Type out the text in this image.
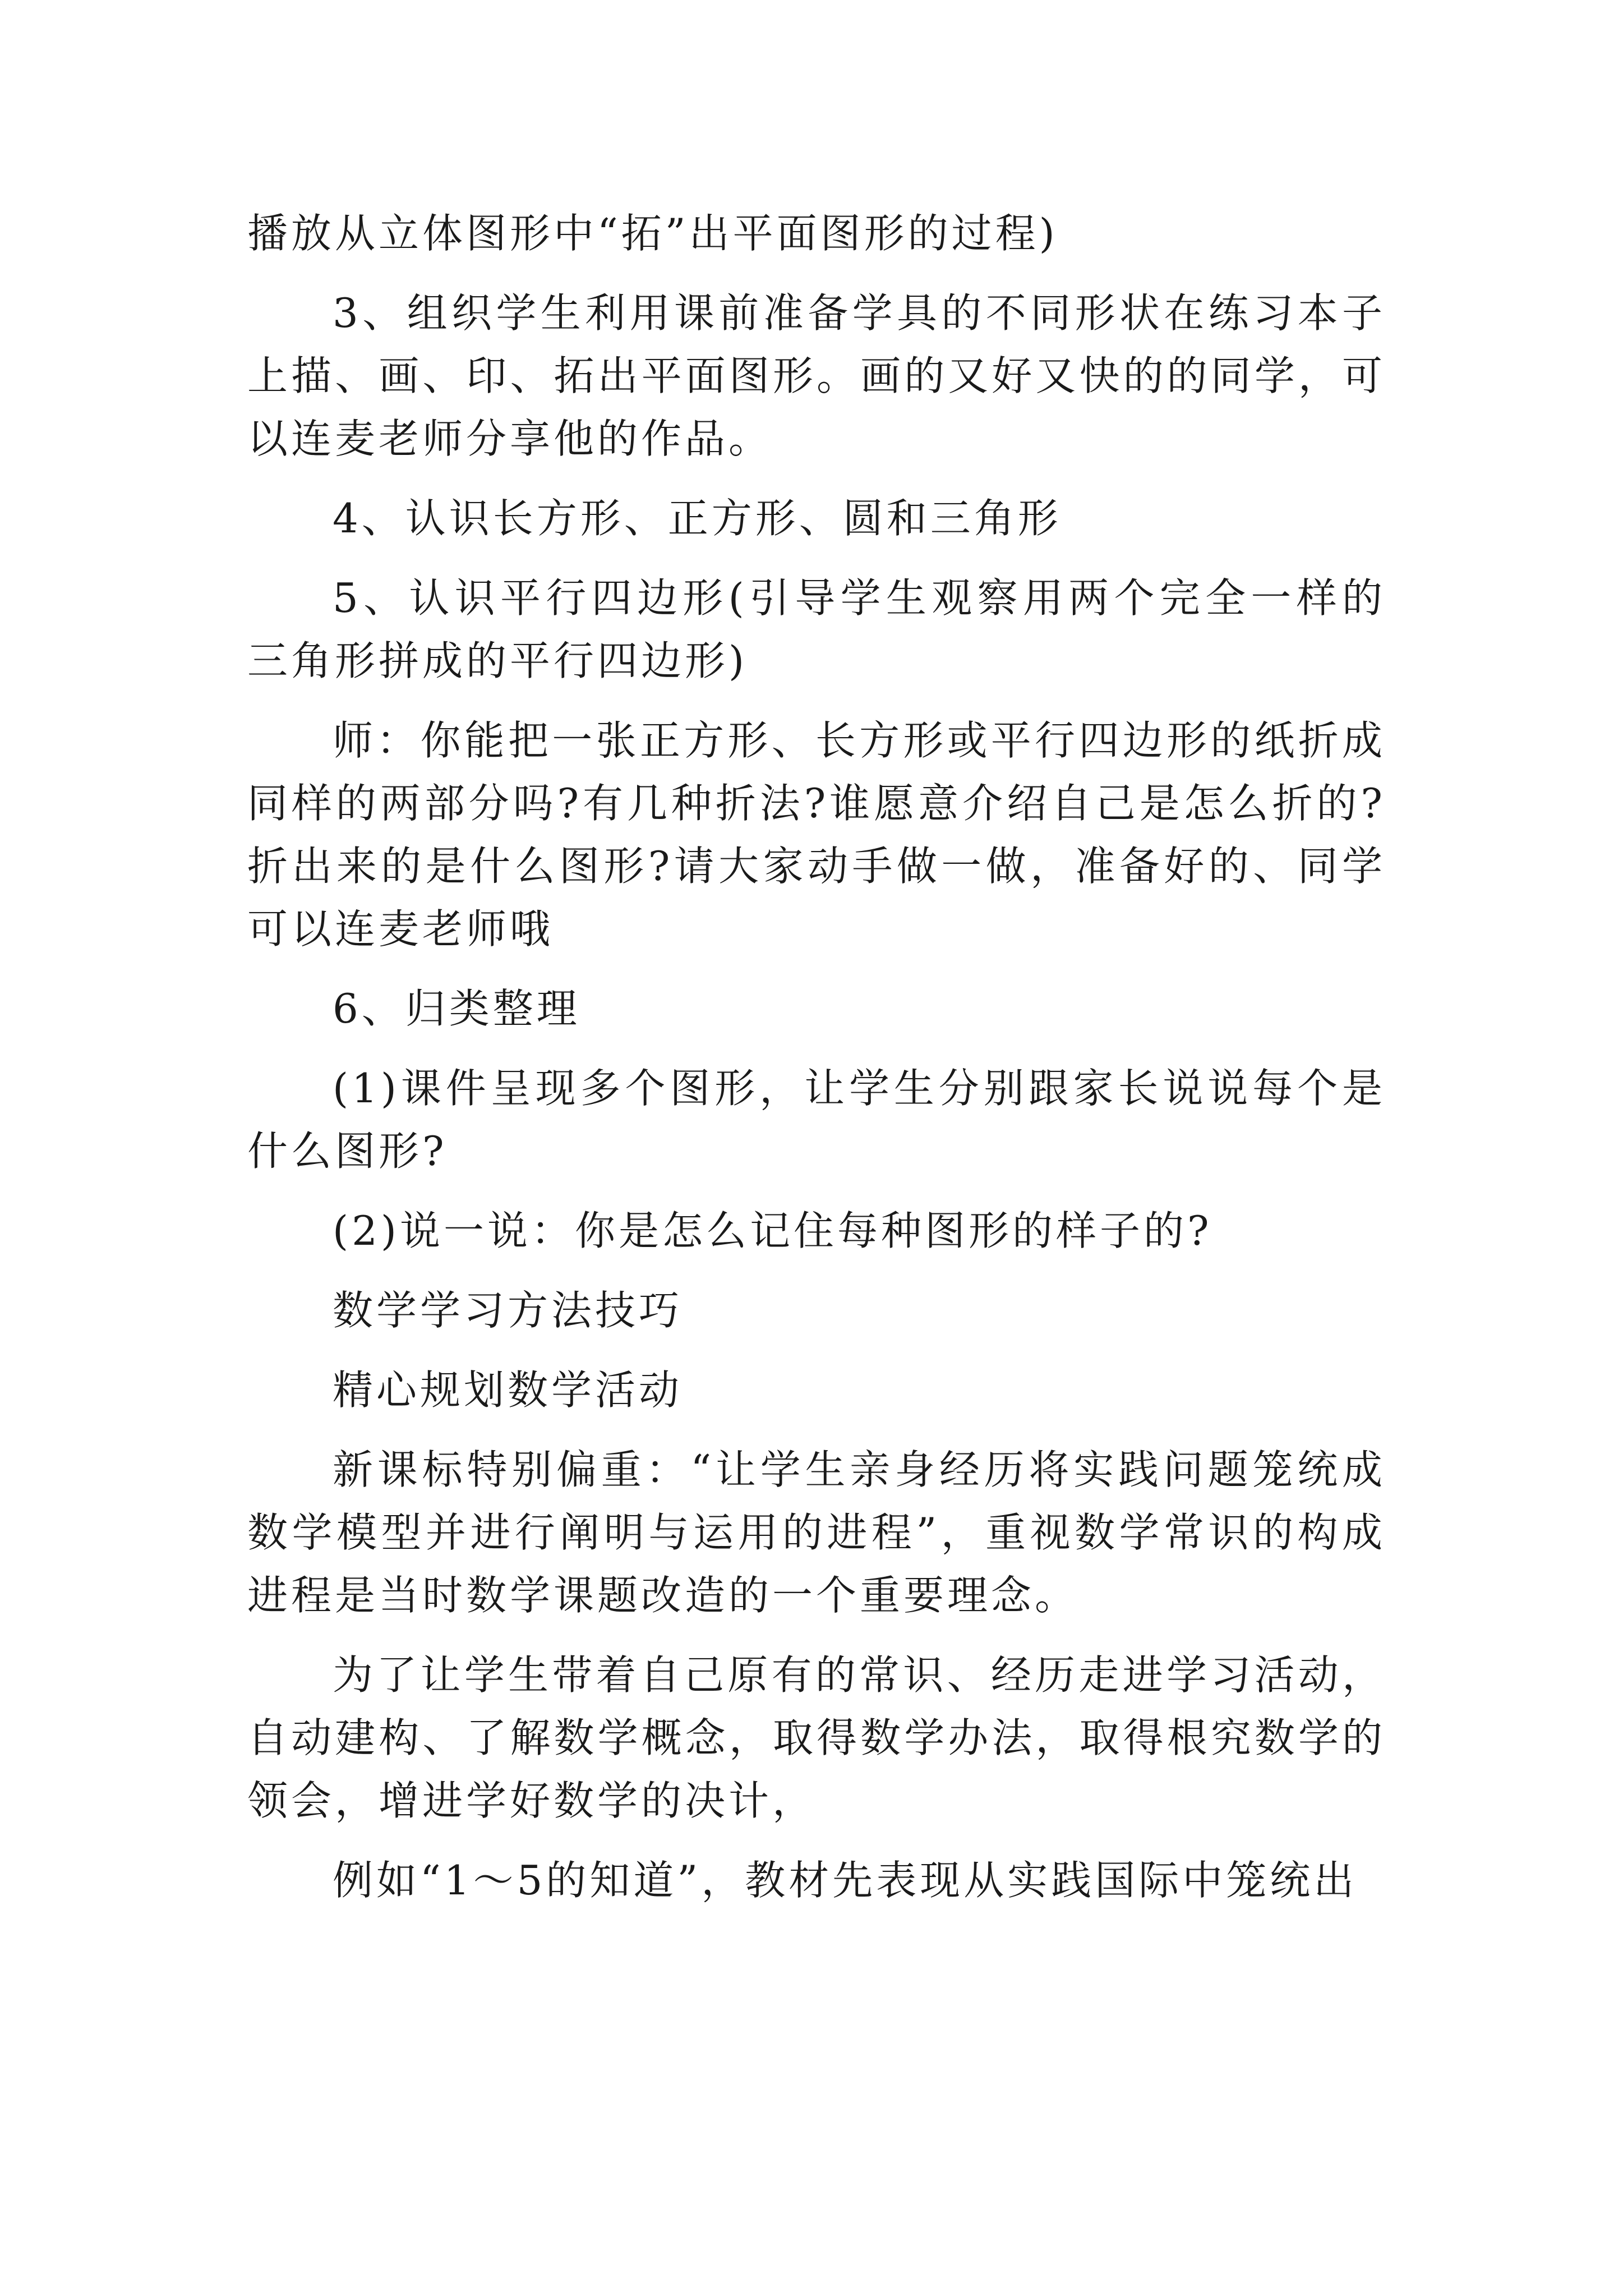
播放从立体图形中“拓”出平面图形的过程)

3、组织学生利用课前准备学具的不同形状在练习本子上描、画、印、拓出平面图形。画的又好又快的的同学，可以连麦老师分享他的作品。

4、认识长方形、正方形、圆和三角形

5、认识平行四边形(引导学生观察用两个完全一样的三角形拼成的平行四边形)

师：你能把一张正方形、长方形或平行四边形的纸折成同样的两部分吗?有几种折法?谁愿意介绍自己是怎么折的?折出来的是什么图形?请大家动手做一做，准备好的、同学可以连麦老师哦

6、归类整理

(1)课件呈现多个图形，让学生分别跟家长说说每个是什么图形?

(2)说一说：你是怎么记住每种图形的样子的?

数学学习方法技巧

精心规划数学活动

新课标特别偏重：“让学生亲身经历将实践问题笼统成数学模型并进行阐明与运用的进程”，重视数学常识的构成进程是当时数学课题改造的一个重要理念。

为了让学生带着自己原有的常识、经历走进学习活动，自动建构、了解数学概念，取得数学办法，取得根究数学的领会，增进学好数学的决计，

例如“1～5的知道”，教材先表现从实践国际中笼统出
